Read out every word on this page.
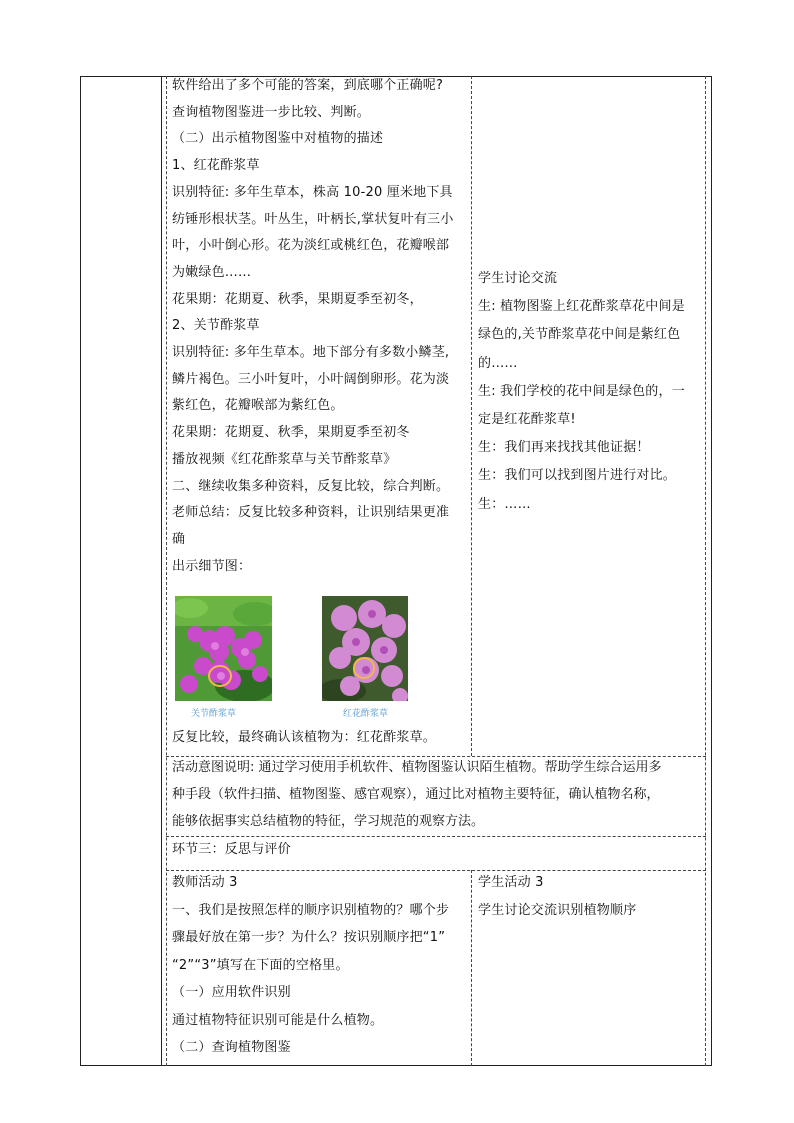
软件给出了多个可能的答案，到底哪个正确呢?
查询植物图鉴进一步比较、判断。
（二）出示植物图鉴中对植物的描述
1、红花酢浆草
识别特征: 多年生草本，株高 10-20 厘米地下具
纺锤形根状茎。叶丛生，叶柄长,掌状复叶有三小
叶，小叶倒心形。花为淡红或桃红色，花瓣喉部
为嫩绿色……
花果期：花期夏、秋季，果期夏季至初冬，
2、关节酢浆草
识别特征: 多年生草本。地下部分有多数小鳞茎,
鳞片褐色。三小叶复叶，小叶阔倒卵形。花为淡
紫红色，花瓣喉部为紫红色。
花果期：花期夏、秋季，果期夏季至初冬
播放视频《红花酢浆草与关节酢浆草》
二、继续收集多种资料，反复比较，综合判断。
老师总结：反复比较多种资料，让识别结果更准
确
出示细节图：
关节酢浆草	红花酢浆草
反复比较，最终确认该植物为：红花酢浆草。
学生讨论交流
生: 植物图鉴上红花酢浆草花中间是
绿色的,关节酢浆草花中间是紫红色
的……
生: 我们学校的花中间是绿色的，一
定是红花酢浆草!
生：我们再来找找其他证据！
生：我们可以找到图片进行对比。
生：……
活动意图说明: 通过学习使用手机软件、植物图鉴认识陌生植物。帮助学生综合运用多
种手段（软件扫描、植物图鉴、感官观察），通过比对植物主要特征，确认植物名称，
能够依据事实总结植物的特征，学习规范的观察方法。
环节三：反思与评价
教师活动 3
一、我们是按照怎样的顺序识别植物的？哪个步
骤最好放在第一步？为什么？按识别顺序把“1”
“2”“3”填写在下面的空格里。
（一）应用软件识别
通过植物特征识别可能是什么植物。
（二）查询植物图鉴
学生活动 3
学生讨论交流识别植物顺序
